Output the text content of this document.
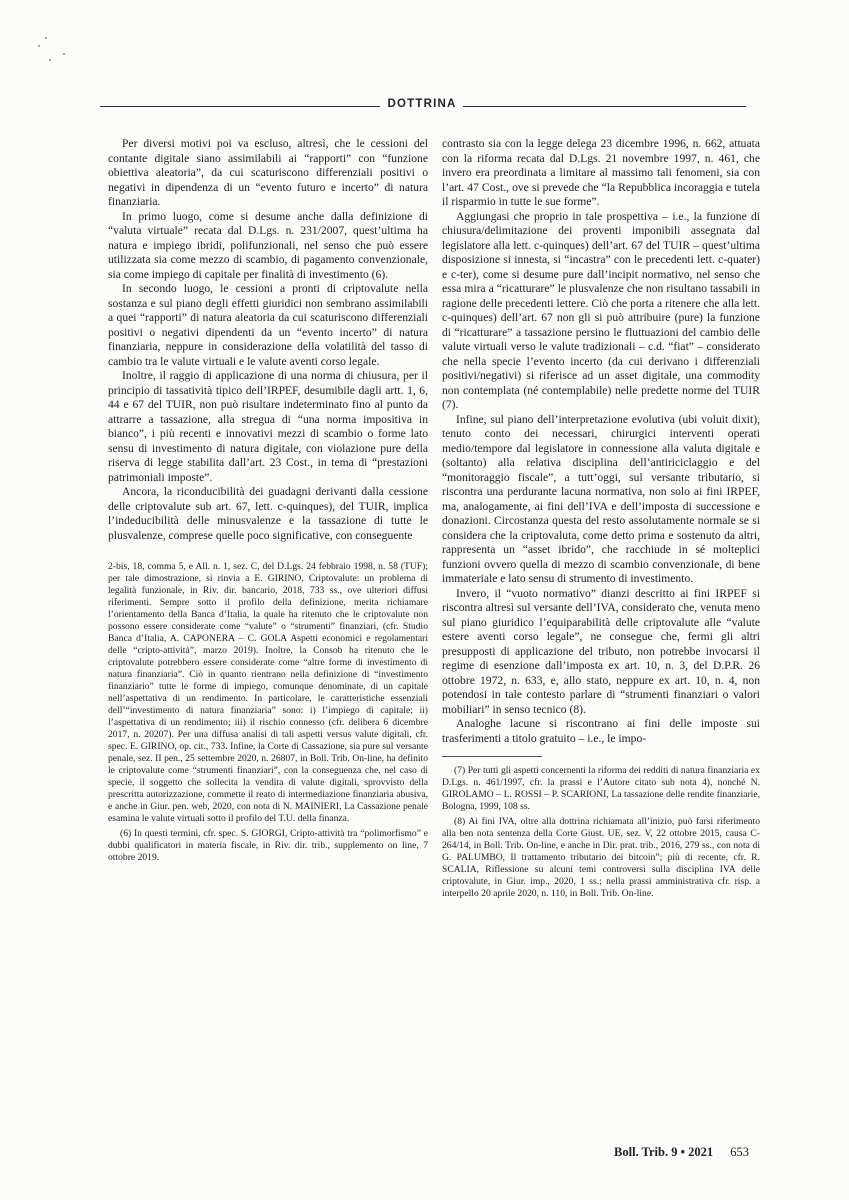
DOTTRINA

Per diversi motivi poi va escluso, altresì, che le cessioni del contante digitale siano assimilabili ai “rapporti” con “funzione obiettiva aleatoria”, da cui scaturiscono differenziali positivi o negativi in dipendenza di un “evento futuro e incerto” di natura finanziaria.

In primo luogo, come si desume anche dalla definizione di “valuta virtuale” recata dal D.Lgs. n. 231/2007, quest’ultima ha natura e impiego ibridi, polifunzionali, nel senso che può essere utilizzata sia come mezzo di scambio, di pagamento convenzionale, sia come impiego di capitale per finalità di investimento (6).

In secondo luogo, le cessioni a pronti di criptovalute nella sostanza e sul piano degli effetti giuridici non sembrano assimilabili a quei “rapporti” di natura aleatoria da cui scaturiscono differenziali positivi o negativi dipendenti da un “evento incerto” di natura finanziaria, neppure in considerazione della volatilità del tasso di cambio tra le valute virtuali e le valute aventi corso legale.

Inoltre, il raggio di applicazione di una norma di chiusura, per il principio di tassatività tipico dell’IRPEF, desumibile dagli artt. 1, 6, 44 e 67 del TUIR, non può risultare indeterminato fino al punto da attrarre a tassazione, alla stregua di “una norma impositiva in bianco”, i più recenti e innovativi mezzi di scambio o forme lato sensu di investimento di natura digitale, con violazione pure della riserva di legge stabilita dall’art. 23 Cost., in tema di “prestazioni patrimoniali imposte”.

Ancora, la riconducibilità dei guadagni derivanti dalla cessione delle criptovalute sub art. 67, lett. c-quinques), del TUIR, implica l’indeducibilità delle minusvalenze e la tassazione di tutte le plusvalenze, comprese quelle poco significative, con conseguente

2-bis, 18, comma 5, e All. n. 1, sez. C, del D.Lgs. 24 febbraio 1998, n. 58 (TUF); per tale dimostrazione, si rinvia a E. GIRINO, Criptovalute: un problema di legalità funzionale, in Riv. dir. bancario, 2018, 733 ss., ove ulteriori diffusi riferimenti. Sempre sotto il profilo della definizione, merita richiamare l’orientamento della Banca d’Italia, la quale ha ritenuto che le criptovalute non possono essere considerate come “valute” o “strumenti” finanziari, (cfr. Studio Banca d’Italia, A. CAPONERA – C. GOLA Aspetti economici e regolamentari delle “cripto-attività”, marzo 2019). Inoltre, la Consob ha ritenuto che le criptovalute potrebbero essere considerate come “altre forme di investimento di natura finanziaria”. Ciò in quanto rientrano nella definizione di “investimento finanziario” tutte le forme di impiego, comunque denominate, di un capitale nell’aspettativa di un rendimento. In particolare, le caratteristiche essenziali dell’“investimento di natura finanziaria” sono: i) l’impiego di capitale; ii) l’aspettativa di un rendimento; iii) il rischio connesso (cfr. delibera 6 dicembre 2017, n. 20207). Per una diffusa analisi di tali aspetti versus valute digitali, cfr. spec. E. GIRINO, op. cit., 733. Infine, la Corte di Cassazione, sia pure sul versante penale, sez. II pen., 25 settembre 2020, n. 26807, in Boll. Trib. On-line, ha definito le criptovalute come “strumenti finanziari”, con la conseguenza che, nel caso di specie, il soggetto che sollecita la vendita di valute digitali, sprovvisto della prescritta autorizzazione, commette il reato di intermediazione finanziaria abusiva, e anche in Giur. pen. web, 2020, con nota di N. MAINIERI, La Cassazione penale esamina le valute virtuali sotto il profilo del T.U. della finanza.

(6) In questi termini, cfr. spec. S. GIORGI, Cripto-attività tra “polimorfismo” e dubbi qualificatori in materia fiscale, in Riv. dir. trib., supplemento on line, 7 ottobre 2019.

contrasto sia con la legge delega 23 dicembre 1996, n. 662, attuata con la riforma recata dal D.Lgs. 21 novembre 1997, n. 461, che invero era preordinata a limitare al massimo tali fenomeni, sia con l’art. 47 Cost., ove si prevede che “la Repubblica incoraggia e tutela il risparmio in tutte le sue forme”.

Aggiungasi che proprio in tale prospettiva – i.e., la funzione di chiusura/delimitazione dei proventi imponibili assegnata dal legislatore alla lett. c-quinques) dell’art. 67 del TUIR – quest’ultima disposizione si innesta, si “incastra” con le precedenti lett. c-quater) e c-ter), come si desume pure dall’incipit normativo, nel senso che essa mira a “ricatturare” le plusvalenze che non risultano tassabili in ragione delle precedenti lettere. Ciò che porta a ritenere che alla lett. c-quinques) dell’art. 67 non gli si può attribuire (pure) la funzione di “ricatturare” a tassazione persino le fluttuazioni del cambio delle valute virtuali verso le valute tradizionali – c.d. “fiat” – considerato che nella specie l’evento incerto (da cui derivano i differenziali positivi/negativi) si riferisce ad un asset digitale, una commodity non contemplata (né contemplabile) nelle predette norme del TUIR (7).

Infine, sul piano dell’interpretazione evolutiva (ubi voluit dixit), tenuto conto dei necessari, chirurgici interventi operati medio/tempore dal legislatore in connessione alla valuta digitale e (soltanto) alla relativa disciplina dell’antiriciclaggio e del “monitoraggio fiscale”, a tutt’oggi, sul versante tributario, si riscontra una perdurante lacuna normativa, non solo ai fini IRPEF, ma, analogamente, ai fini dell’IVA e dell’imposta di successione e donazioni. Circostanza questa del resto assolutamente normale se si considera che la criptovaluta, come detto prima e sostenuto da altri, rappresenta un “asset ibrido”, che racchiude in sé molteplici funzioni ovvero quella di mezzo di scambio convenzionale, di bene immateriale e lato sensu di strumento di investimento.

Invero, il “vuoto normativo” dianzi descritto ai fini IRPEF si riscontra altresì sul versante dell’IVA, considerato che, venuta meno sul piano giuridico l’equiparabilità delle criptovalute alle “valute estere aventi corso legale”, ne consegue che, fermi gli altri presupposti di applicazione del tributo, non potrebbe invocarsi il regime di esenzione dall’imposta ex art. 10, n. 3, del D.P.R. 26 ottobre 1972, n. 633, e, allo stato, neppure ex art. 10, n. 4, non potendosi in tale contesto parlare di “strumenti finanziari o valori mobiliari” in senso tecnico (8).

Analoghe lacune si riscontrano ai fini delle imposte sui trasferimenti a titolo gratuito – i.e., le impo-

(7) Per tutti gli aspetti concernenti la riforma dei redditi di natura finanziaria ex D.Lgs. n. 461/1997, cfr. la prassi e l’Autore citato sub nota 4), nonché N. GIROLAMO – L. ROSSI – P. SCARIONI, La tassazione delle rendite finanziarie, Bologna, 1999, 108 ss.

(8) Ai fini IVA, oltre alla dottrina richiamata all’inizio, può farsi riferimento alla ben nota sentenza della Corte Giust. UE, sez. V, 22 ottobre 2015, causa C-264/14, in Boll. Trib. On-line, e anche in Dir. prat. trib., 2016, 279 ss., con nota di G. PALUMBO, Il trattamento tributario dei bitcoin”; più di recente, cfr. R. SCALIA, Riflessione su alcuni temi controversi sulla disciplina IVA delle criptovalute, in Giur. imp., 2020, 1 ss.; nella prassi amministrativa cfr. risp. a interpello 20 aprile 2020, n. 110, in Boll. Trib. On-line.

Boll. Trib. 9 • 2021 653
